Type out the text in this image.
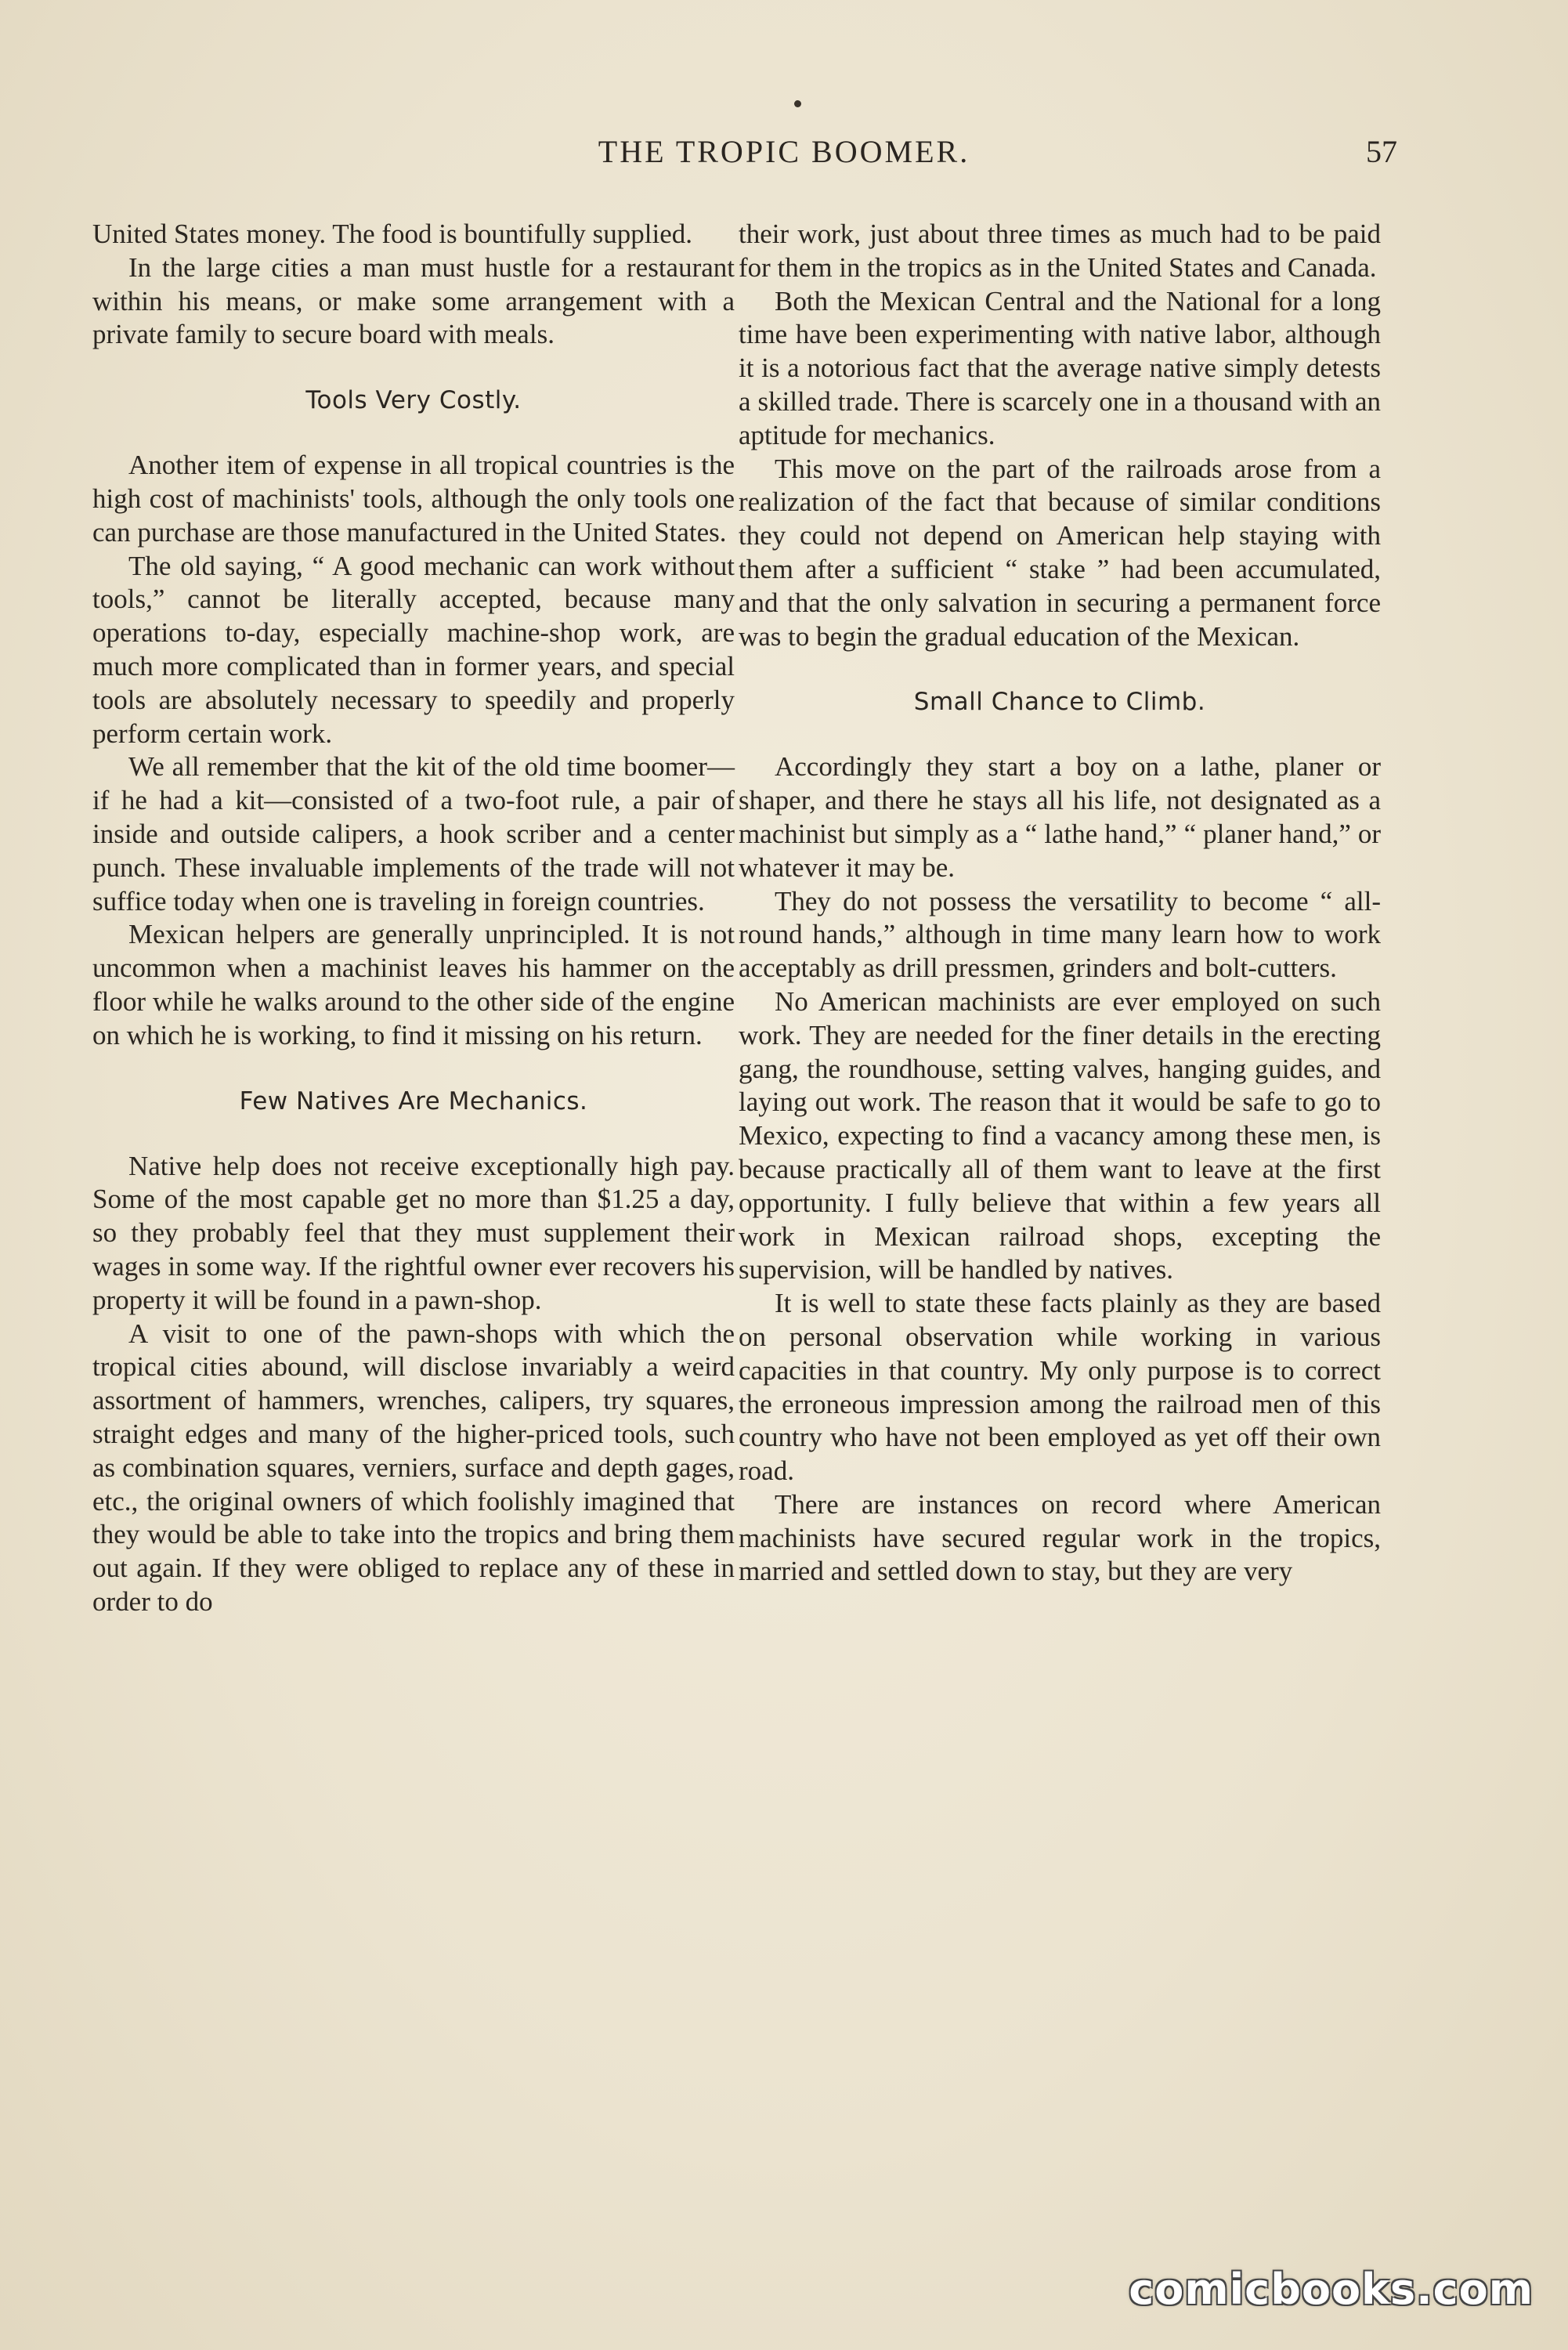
THE TROPIC BOOMER.	57

United States money. The food is bountifully supplied.

In the large cities a man must hustle for a restaurant within his means, or make some arrangement with a private family to secure board with meals.

Tools Very Costly.

Another item of expense in all tropical countries is the high cost of machinists' tools, although the only tools one can purchase are those manufactured in the United States.

The old saying, “ A good mechanic can work without tools,” cannot be literally accepted, because many operations to-day, especially machine-shop work, are much more complicated than in former years, and special tools are absolutely necessary to speedily and properly perform certain work.

We all remember that the kit of the old time boomer—if he had a kit—consisted of a two-foot rule, a pair of inside and outside calipers, a hook scriber and a center punch. These invaluable implements of the trade will not suffice today when one is traveling in foreign countries.

Mexican helpers are generally unprincipled. It is not uncommon when a machinist leaves his hammer on the floor while he walks around to the other side of the engine on which he is working, to find it missing on his return.

Few Natives Are Mechanics.

Native help does not receive exceptionally high pay. Some of the most capable get no more than $1.25 a day, so they probably feel that they must supplement their wages in some way. If the rightful owner ever recovers his property it will be found in a pawn-shop.

A visit to one of the pawn-shops with which the tropical cities abound, will disclose invariably a weird assortment of hammers, wrenches, calipers, try squares, straight edges and many of the higher-priced tools, such as combination squares, verniers, surface and depth gages, etc., the original owners of which foolishly imagined that they would be able to take into the tropics and bring them out again. If they were obliged to replace any of these in order to do

their work, just about three times as much had to be paid for them in the tropics as in the United States and Canada.

Both the Mexican Central and the National for a long time have been experimenting with native labor, although it is a notorious fact that the average native simply detests a skilled trade. There is scarcely one in a thousand with an aptitude for mechanics.

This move on the part of the railroads arose from a realization of the fact that because of similar conditions they could not depend on American help staying with them after a sufficient “ stake ” had been accumulated, and that the only salvation in securing a permanent force was to begin the gradual education of the Mexican.

Small Chance to Climb.

Accordingly they start a boy on a lathe, planer or shaper, and there he stays all his life, not designated as a machinist but simply as a “ lathe hand,” “ planer hand,” or whatever it may be.

They do not possess the versatility to become “ all-round hands,” although in time many learn how to work acceptably as drill pressmen, grinders and bolt-cutters.

No American machinists are ever employed on such work. They are needed for the finer details in the erecting gang, the roundhouse, setting valves, hanging guides, and laying out work. The reason that it would be safe to go to Mexico, expecting to find a vacancy among these men, is because practically all of them want to leave at the first opportunity. I fully believe that within a few years all work in Mexican railroad shops, excepting the supervision, will be handled by natives.

It is well to state these facts plainly as they are based on personal observation while working in various capacities in that country. My only purpose is to correct the erroneous impression among the railroad men of this country who have not been employed as yet off their own road.

There are instances on record where American machinists have secured regular work in the tropics, married and settled down to stay, but they are very

comicbooks.com
